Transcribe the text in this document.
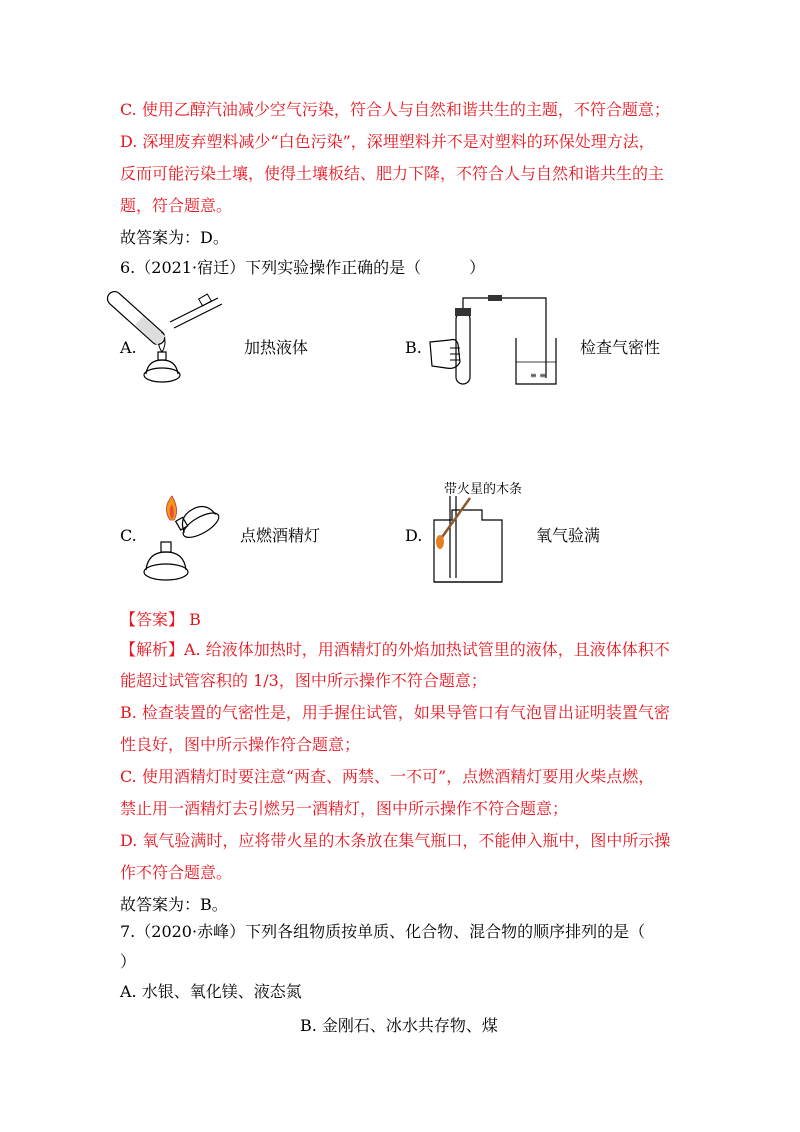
C. 使用乙醇汽油减少空气污染，符合人与自然和谐共生的主题，不符合题意；
D. 深埋废弃塑料减少“白色污染”，深埋塑料并不是对塑料的环保处理方法，
反而可能污染土壤，使得土壤板结、肥力下降，不符合人与自然和谐共生的主
题，符合题意。
故答案为：D。
6.（2021·宿迁）下列实验操作正确的是（　　　）
A.	加热液体	B.
≡ ≡
检查气密性
C.	点燃酒精灯	D.
带火星的木条
氧气验满
【答案】 B
【解析】A. 给液体加热时，用酒精灯的外焰加热试管里的液体，且液体体积不
能超过试管容积的 1/3，图中所示操作不符合题意；
B. 检查装置的气密性是，用手握住试管，如果导管口有气泡冒出证明装置气密
性良好，图中所示操作符合题意；
C. 使用酒精灯时要注意“两查、两禁、一不可”，点燃酒精灯要用火柴点燃，
禁止用一酒精灯去引燃另一酒精灯，图中所示操作不符合题意；
D. 氧气验满时，应将带火星的木条放在集气瓶口，不能伸入瓶中，图中所示操
作不符合题意。
故答案为：B。
7.（2020·赤峰）下列各组物质按单质、化合物、混合物的顺序排列的是（
）
A. 水银、氧化镁、液态氮
B. 金刚石、冰水共存物、煤
